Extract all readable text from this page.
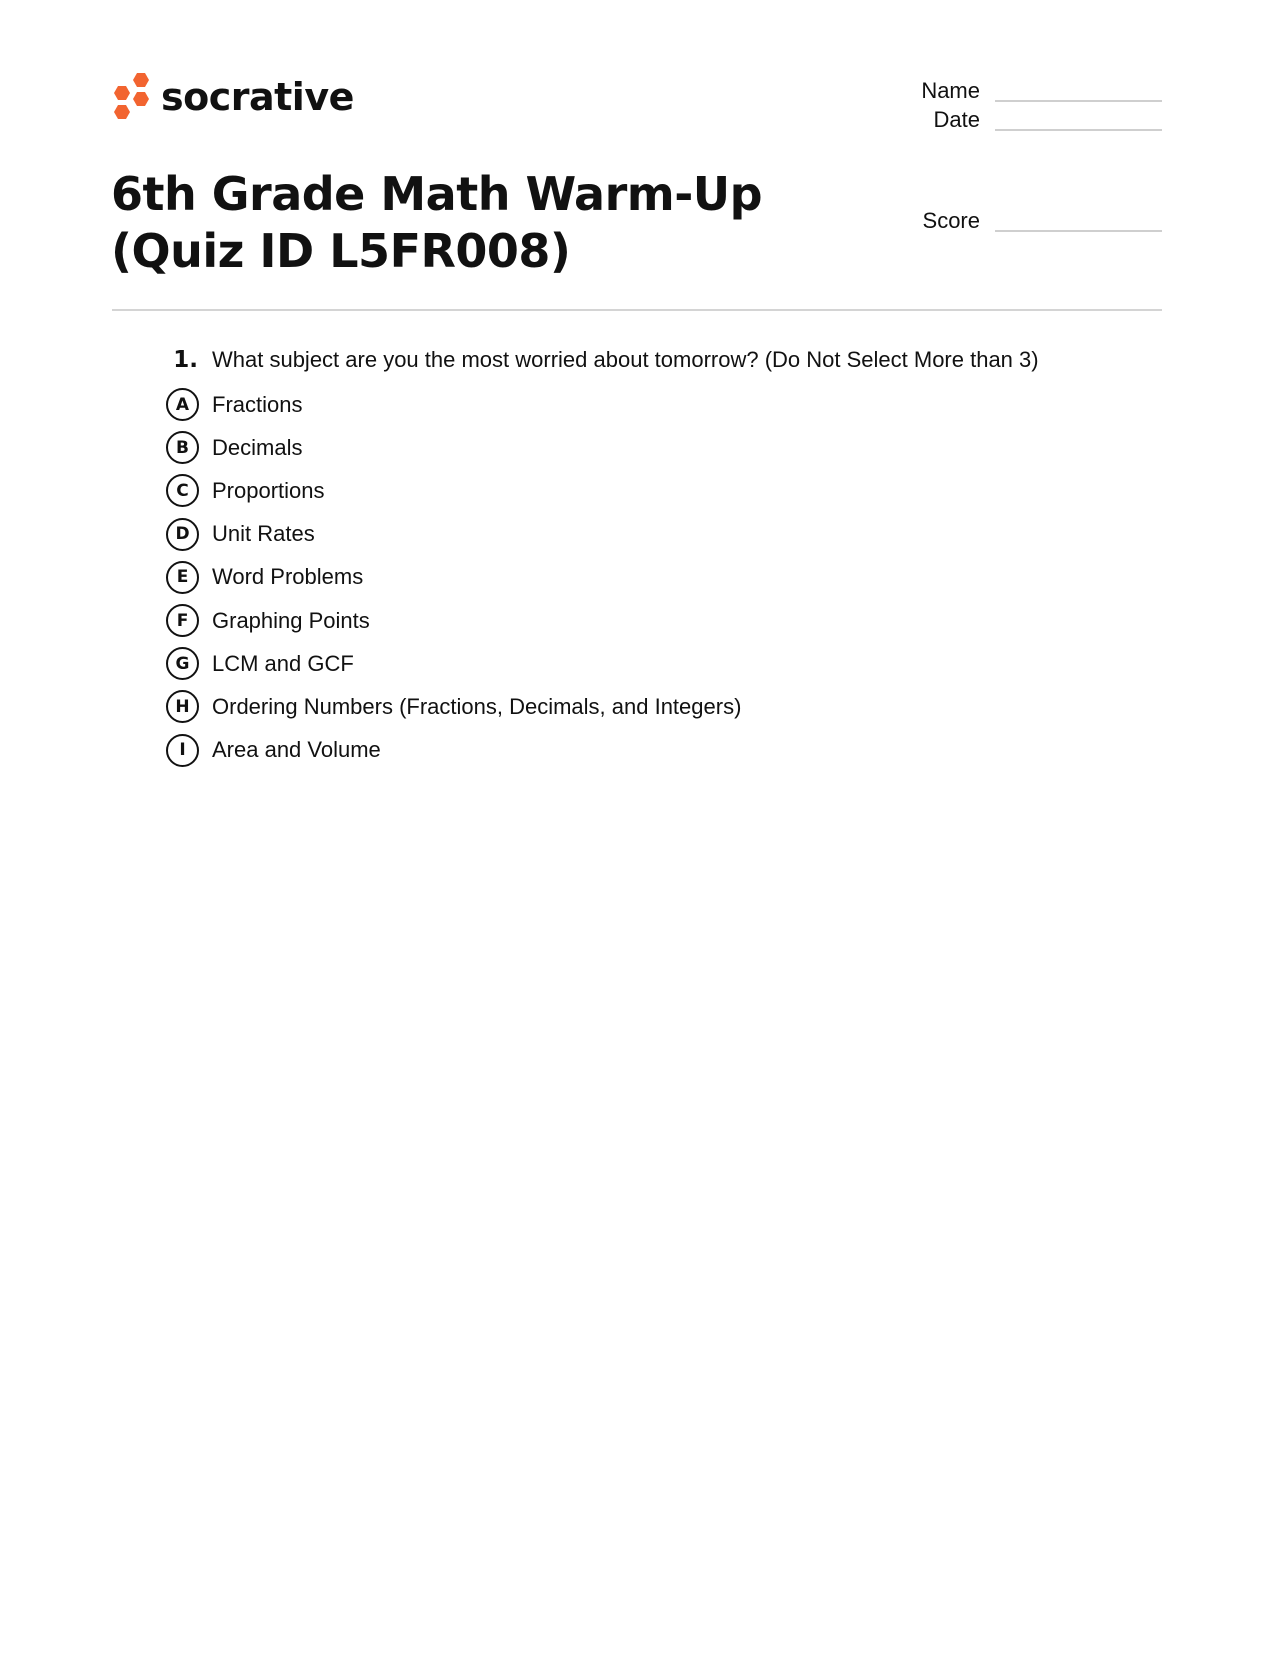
socrative	Name
Date
Score
6th Grade Math Warm-Up (Quiz ID L5FR008)
1. What subject are you the most worried about tomorrow? (Do Not Select More than 3)
A	Fractions
B	Decimals
C	Proportions
D	Unit Rates
E	Word Problems
F	Graphing Points
G	LCM and GCF
H	Ordering Numbers (Fractions, Decimals, and Integers)
I	Area and Volume
